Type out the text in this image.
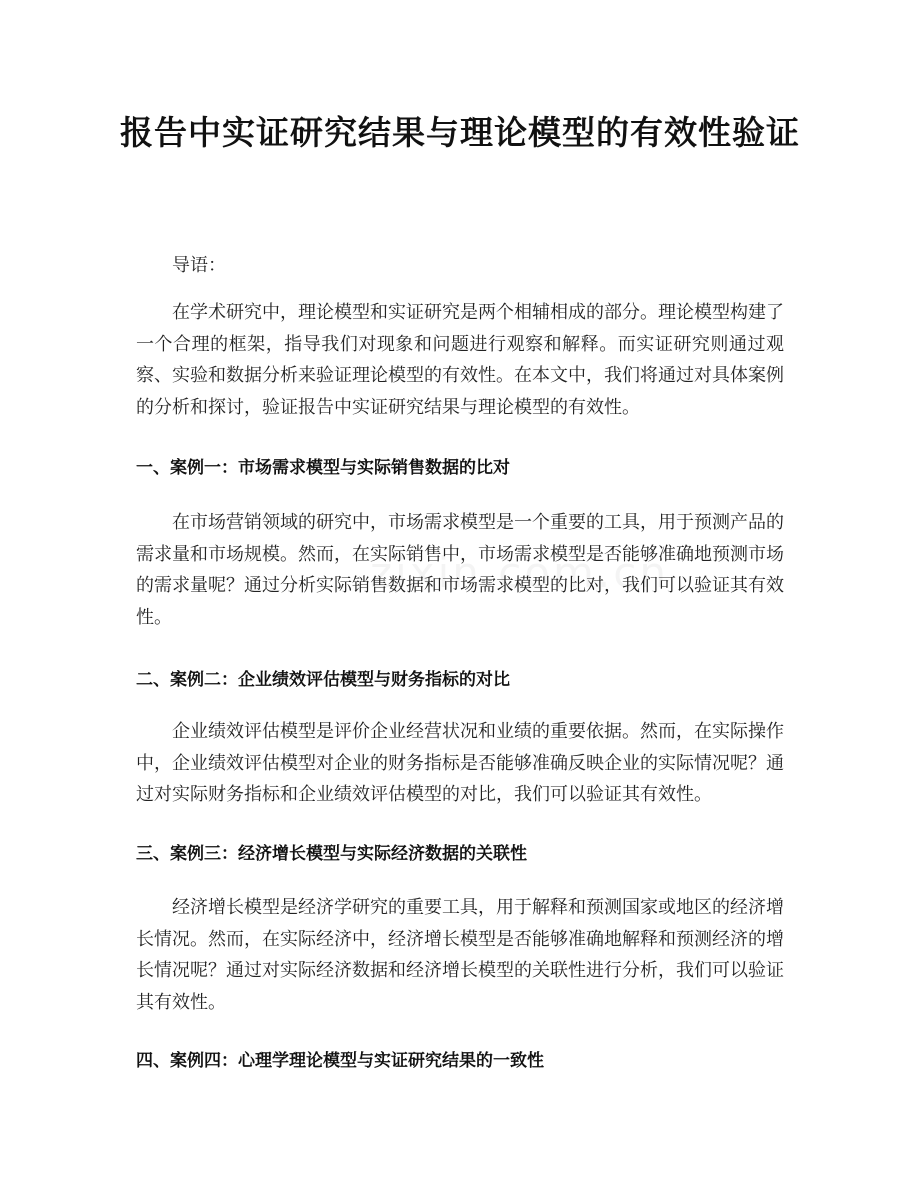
报告中实证研究结果与理论模型的有效性验证

导语：

在学术研究中，理论模型和实证研究是两个相辅相成的部分。理论模型构建了一个合理的框架，指导我们对现象和问题进行观察和解释。而实证研究则通过观察、实验和数据分析来验证理论模型的有效性。在本文中，我们将通过对具体案例的分析和探讨，验证报告中实证研究结果与理论模型的有效性。

一、案例一：市场需求模型与实际销售数据的比对

在市场营销领域的研究中，市场需求模型是一个重要的工具，用于预测产品的需求量和市场规模。然而，在实际销售中，市场需求模型是否能够准确地预测市场的需求量呢？通过分析实际销售数据和市场需求模型的比对，我们可以验证其有效性。

二、案例二：企业绩效评估模型与财务指标的对比

企业绩效评估模型是评价企业经营状况和业绩的重要依据。然而，在实际操作中，企业绩效评估模型对企业的财务指标是否能够准确反映企业的实际情况呢？通过对实际财务指标和企业绩效评估模型的对比，我们可以验证其有效性。

三、案例三：经济增长模型与实际经济数据的关联性

经济增长模型是经济学研究的重要工具，用于解释和预测国家或地区的经济增长情况。然而，在实际经济中，经济增长模型是否能够准确地解释和预测经济的增长情况呢？通过对实际经济数据和经济增长模型的关联性进行分析，我们可以验证其有效性。

四、案例四：心理学理论模型与实证研究结果的一致性
